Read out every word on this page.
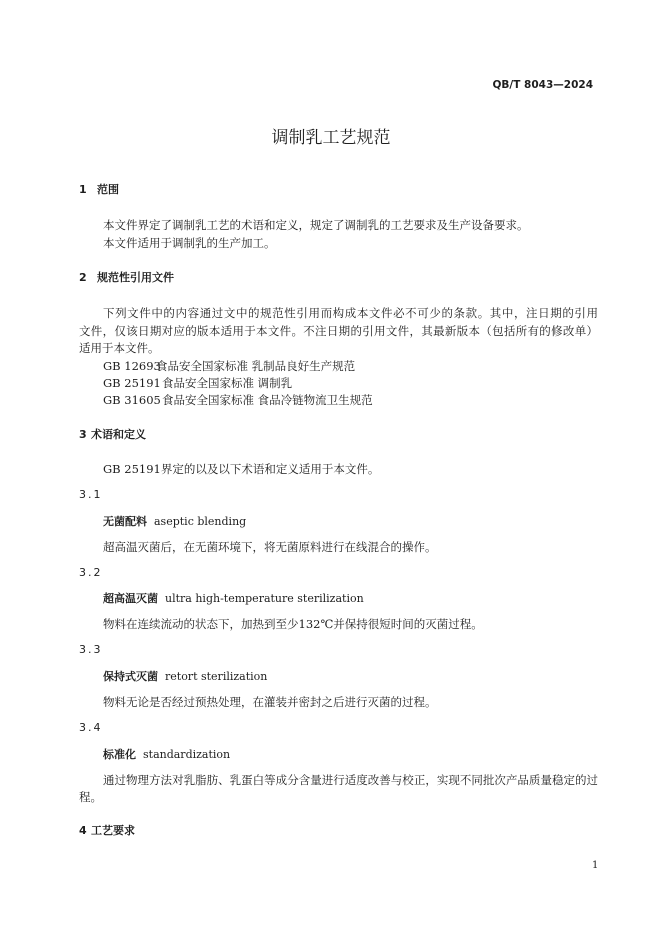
QB/T 8043—2024
调制乳工艺规范
1 范围
本文件界定了调制乳工艺的术语和定义，规定了调制乳的工艺要求及生产设备要求。
本文件适用于调制乳的生产加工。
2 规范性引用文件
下列文件中的内容通过文中的规范性引用而构成本文件必不可少的条款。其中，注日期的引用
文件，仅该日期对应的版本适用于本文件。不注日期的引用文件，其最新版本（包括所有的修改单）
适用于本文件。
GB 12693食品安全国家标准 乳制品良好生产规范
GB 25191食品安全国家标准 调制乳
GB 31605食品安全国家标准 食品冷链物流卫生规范
3 术语和定义
GB 25191界定的以及以下术语和定义适用于本文件。
3.1
无菌配料 aseptic blending
超高温灭菌后，在无菌环境下，将无菌原料进行在线混合的操作。
3.2
超高温灭菌 ultra high-temperature sterilization
物料在连续流动的状态下，加热到至少132℃并保持很短时间的灭菌过程。
3.3
保持式灭菌 retort sterilization
物料无论是否经过预热处理，在灌装并密封之后进行灭菌的过程。
3.4
标准化 standardization
通过物理方法对乳脂肪、乳蛋白等成分含量进行适度改善与校正，实现不同批次产品质量稳定的过
程。
4 工艺要求
1
